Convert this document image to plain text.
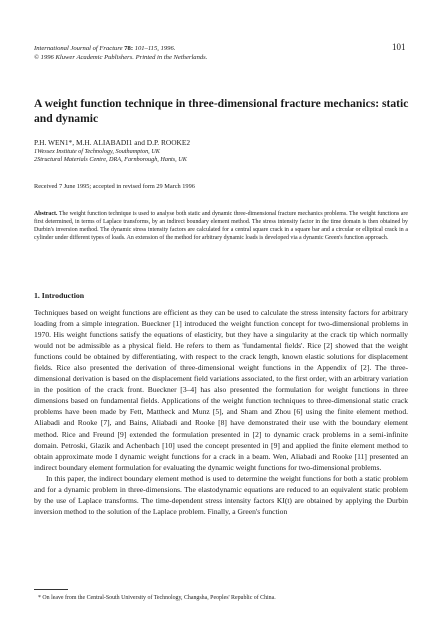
International Journal of Fracture 78: 101–115, 1996.
© 1996 Kluwer Academic Publishers. Printed in the Netherlands.
101
A weight function technique in three-dimensional fracture mechanics: static and dynamic
P.H. WEN1*, M.H. ALIABADI1 and D.P. ROOKE2
1Wessex Institute of Technology, Southampton, UK
2Structural Materials Centre, DRA, Farnborough, Hants, UK
Received 7 June 1995; accepted in revised form 29 March 1996
Abstract. The weight function technique is used to analyse both static and dynamic three-dimensional fracture mechanics problems. The weight functions are first determined, in terms of Laplace transforms, by an indirect boundary element method. The stress intensity factor in the time domain is then obtained by Durbin's inversion method. The dynamic stress intensity factors are calculated for a central square crack in a square bar and a circular or elliptical crack in a cylinder under different types of loads. An extension of the method for arbitrary dynamic loads is developed via a dynamic Green's function approach.
1. Introduction

Techniques based on weight functions are efficient as they can be used to calculate the stress intensity factors for arbitrary loading from a simple integration. Bueckner [1] introduced the weight function concept for two-dimensional problems in 1970. His weight functions satisfy the equations of elasticity, but they have a singularity at the crack tip which normally would not be admissible as a physical field. He refers to them as 'fundamental fields'. Rice [2] showed that the weight functions could be obtained by differentiating, with respect to the crack length, known elastic solutions for displacement fields. Rice also presented the derivation of three-dimensional weight functions in the Appendix of [2]. The three-dimensional derivation is based on the displacement field variations associated, to the first order, with an arbitrary variation in the position of the crack front. Bueckner [3–4] has also presented the formulation for weight functions in three dimensions based on fundamental fields. Applications of the weight function techniques to three-dimensional static crack problems have been made by Fett, Mattheck and Munz [5], and Sham and Zhou [6] using the finite element method. Aliabadi and Rooke [7], and Bains, Aliabadi and Rooke [8] have demonstrated their use with the boundary element method. Rice and Freund [9] extended the formulation presented in [2] to dynamic crack problems in a semi-infinite domain. Petroski, Glazik and Achenbach [10] used the concept presented in [9] and applied the finite element method to obtain approximate mode I dynamic weight functions for a crack in a beam. Wen, Aliabadi and Rooke [11] presented an indirect boundary element formulation for evaluating the dynamic weight functions for two-dimensional problems.

In this paper, the indirect boundary element method is used to determine the weight functions for both a static problem and for a dynamic problem in three-dimensions. The elastodynamic equations are reduced to an equivalent static problem by the use of Laplace transforms. The time-dependent stress intensity factors KI(t) are obtained by applying the Durbin inversion method to the solution of the Laplace problem. Finally, a Green's function

* On leave from the Central-South University of Technology, Changsha, Peoples' Republic of China.
